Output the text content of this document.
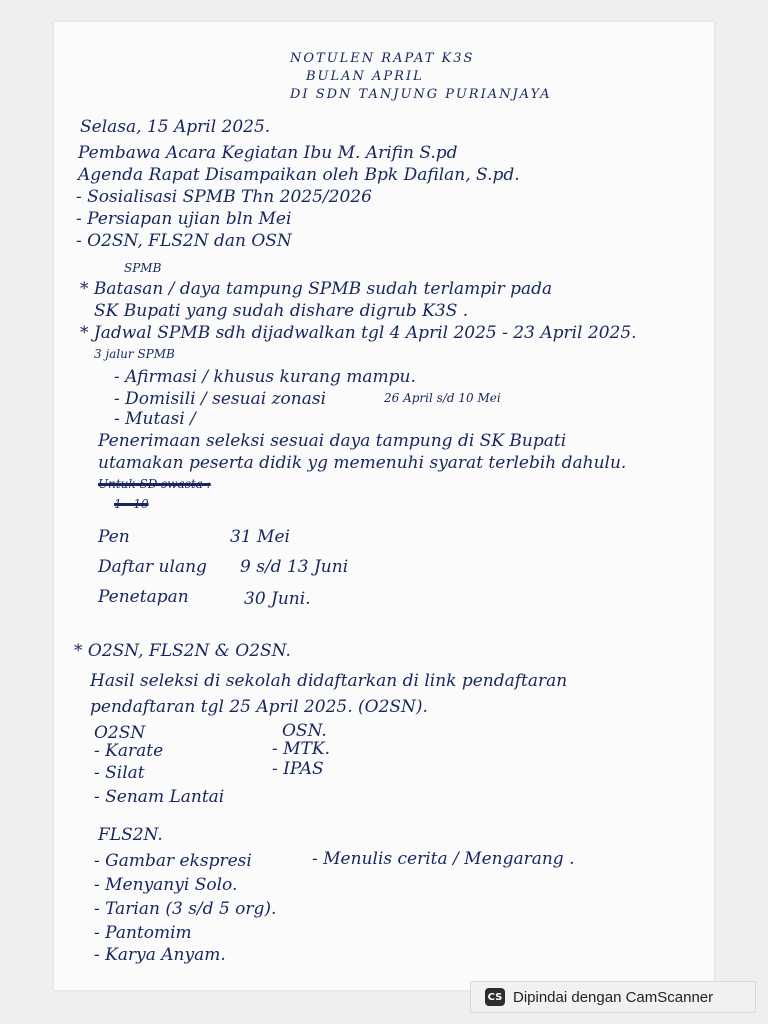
NOTULEN RAPAT K3S
BULAN APRIL
DI SDN TANJUNG PURIANJAYA
Selasa, 15 April 2025.
Pembawa Acara Kegiatan Ibu M. Arifin S.pd
Agenda Rapat Disampaikan oleh Bpk Dafilan, S.pd.
- Sosialisasi SPMB Thn 2025/2026
- Persiapan ujian bln Mei
- O2SN, FLS2N dan OSN
SPMB
* Batasan / daya tampung SPMB sudah terlampir pada
SK Bupati yang sudah dishare digrub K3S .
* Jadwal SPMB sdh dijadwalkan tgl 4 April 2025 - 23 April 2025.
3 jalur SPMB
- Afirmasi / khusus kurang mampu.
- Domisili / sesuai zonasi	26 April s/d 10 Mei
- Mutasi /
Penerimaan seleksi sesuai daya tampung di SK Bupati
utamakan peserta didik yg memenuhi syarat terlebih dahulu.
Untuk SD swasta :
1 - 10
Pen	31 Mei
Daftar ulang 9 s/d 13 Juni
Penetapan	30 Juni.
* O2SN, FLS2N & O2SN.
Hasil seleksi di sekolah didaftarkan di link pendaftaran
pendaftaran tgl 25 April 2025. (O2SN).
O2SN	OSN.
- Karate
- Silat
- Senam Lantai
- MTK.
- IPAS
FLS2N.
- Gambar ekspresi	- Menulis cerita / Mengarang .
- Menyanyi Solo.
- Tarian (3 s/d 5 org).
- Pantomim
- Karya Anyam.
CS Dipindai dengan CamScanner
